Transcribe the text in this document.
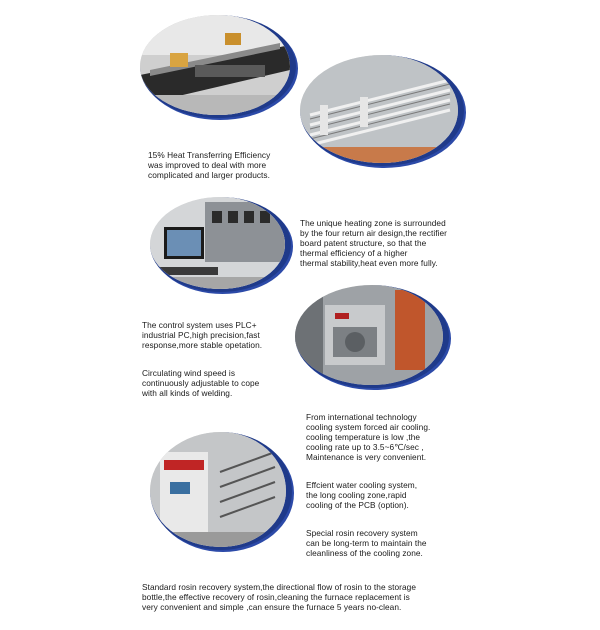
15% Heat Transferring Efficiency
was improved to deal with more
complicated and larger products.

The unique heating zone is surrounded
by the four return air design,the rectifier
board patent structure, so that the
thermal efficiency of a higher
thermal stability,heat even more fully.

The control system uses PLC+
industrial PC,high precision,fast
response,more stable opetation.

Circulating wind speed is
continuously adjustable to cope
with all kinds of welding.

From international technology
cooling system forced air cooling.
cooling temperature is low ,the
cooling rate up to 3.5~6℃/sec ,
Maintenance is very convenient.

Effcient water cooling system,
the long cooling zone,rapid
cooling of the PCB (option).

Special rosin recovery system
can be long-term to maintain the
cleanliness of the cooling zone.

Standard rosin recovery system,the directional flow of rosin to the storage
bottle,the effective recovery of rosin,cleaning the furnace replacement is
very convenient and simple ,can ensure the furnace 5 years no-clean.
